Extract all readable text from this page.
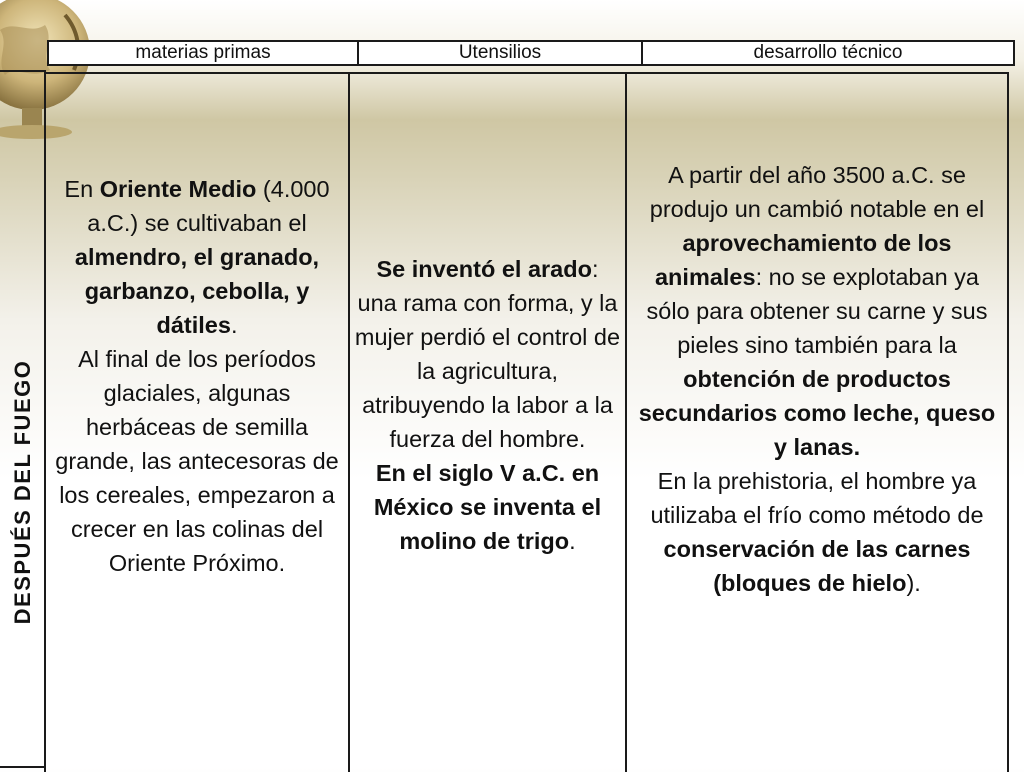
materias primas	Utensilios	desarrollo técnico
DESPUÉS DEL FUEGO
En Oriente Medio (4.000 a.C.) se cultivaban el almendro, el granado, garbanzo, cebolla, y dátiles.
Al final de los períodos glaciales, algunas herbáceas de semilla grande, las antecesoras de los cereales, empezaron a crecer en las colinas del Oriente Próximo.
Se inventó el arado: una rama con forma, y la mujer perdió el control de la agricultura, atribuyendo la labor a la fuerza del hombre.
En el siglo V a.C. en México se inventa el molino de trigo.
A partir del año 3500 a.C. se produjo un cambió notable en el aprovechamiento de los animales: no se explotaban ya sólo para obtener su carne y sus pieles sino también para la obtención de productos secundarios como leche, queso y lanas.
En la prehistoria, el hombre ya utilizaba el frío como método de conservación de las carnes (bloques de hielo).
